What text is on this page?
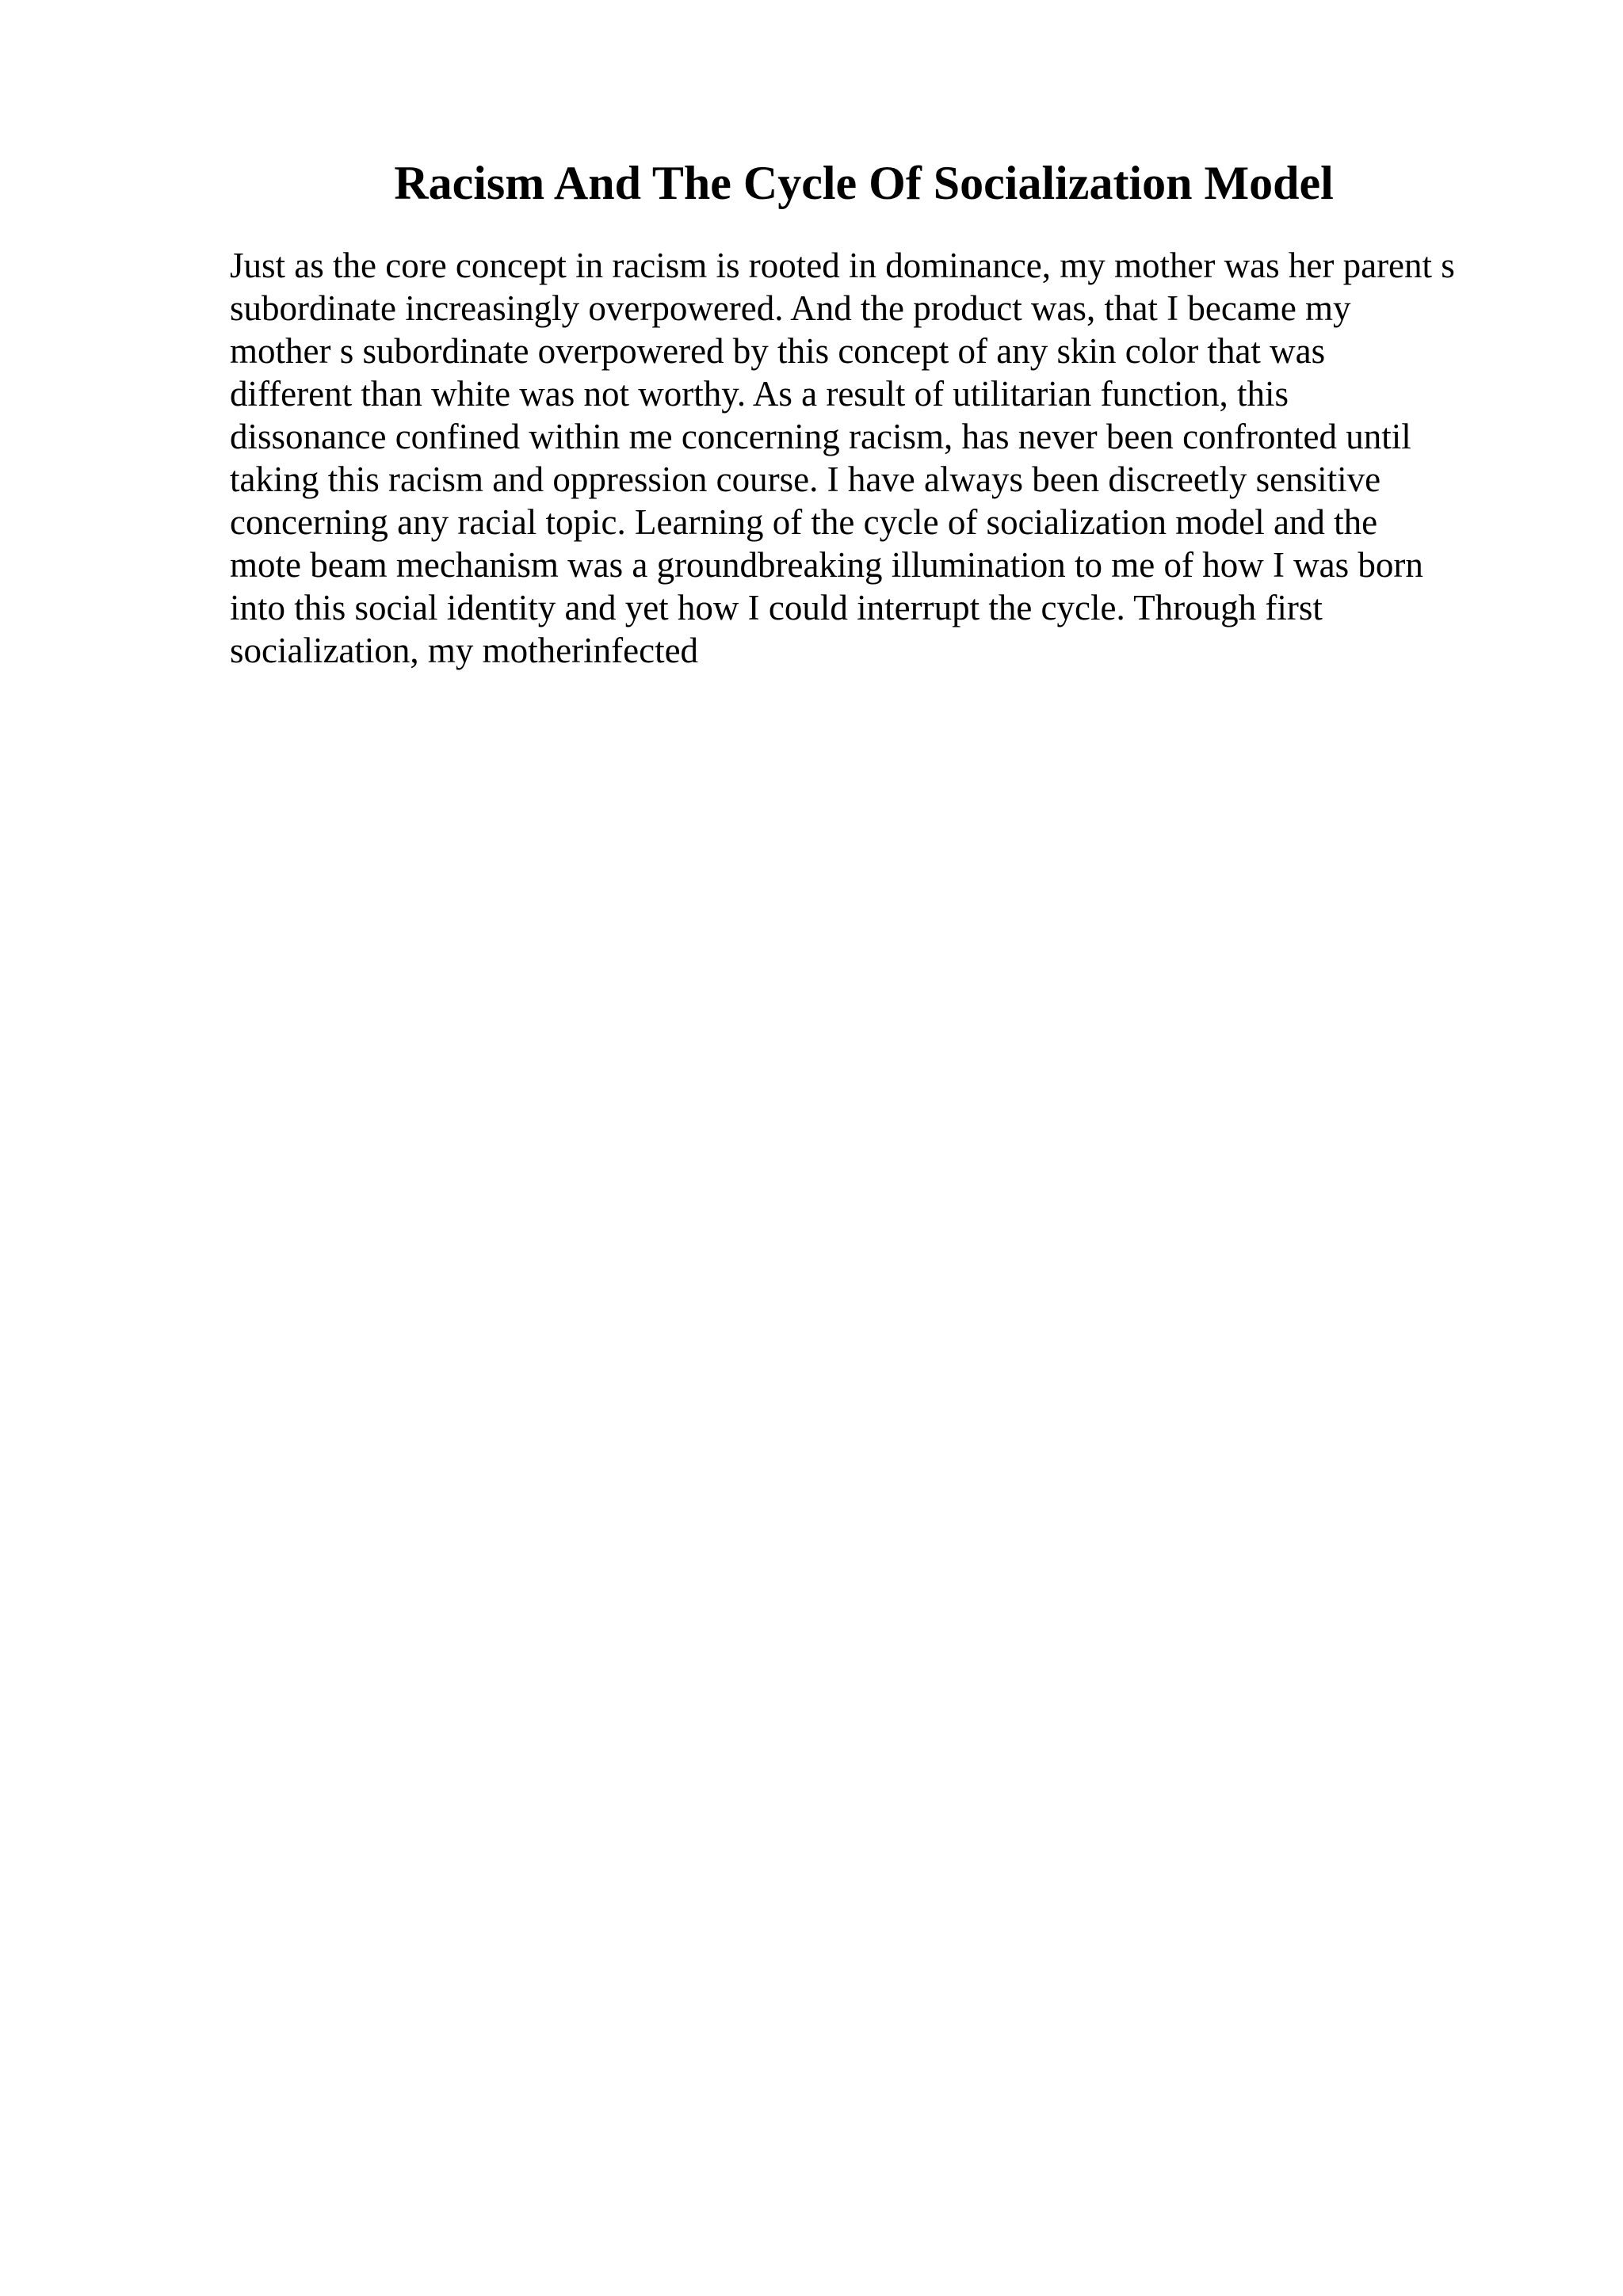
Racism And The Cycle Of Socialization Model
Just as the core concept in racism is rooted in dominance, my mother was her parent s
subordinate increasingly overpowered. And the product was, that I became my
mother s subordinate overpowered by this concept of any skin color that was
different than white was not worthy. As a result of utilitarian function, this
dissonance confined within me concerning racism, has never been confronted until
taking this racism and oppression course. I have always been discreetly sensitive
concerning any racial topic. Learning of the cycle of socialization model and the
mote beam mechanism was a groundbreaking illumination to me of how I was born
into this social identity and yet how I could interrupt the cycle. Through first
socialization, my motherinfected
